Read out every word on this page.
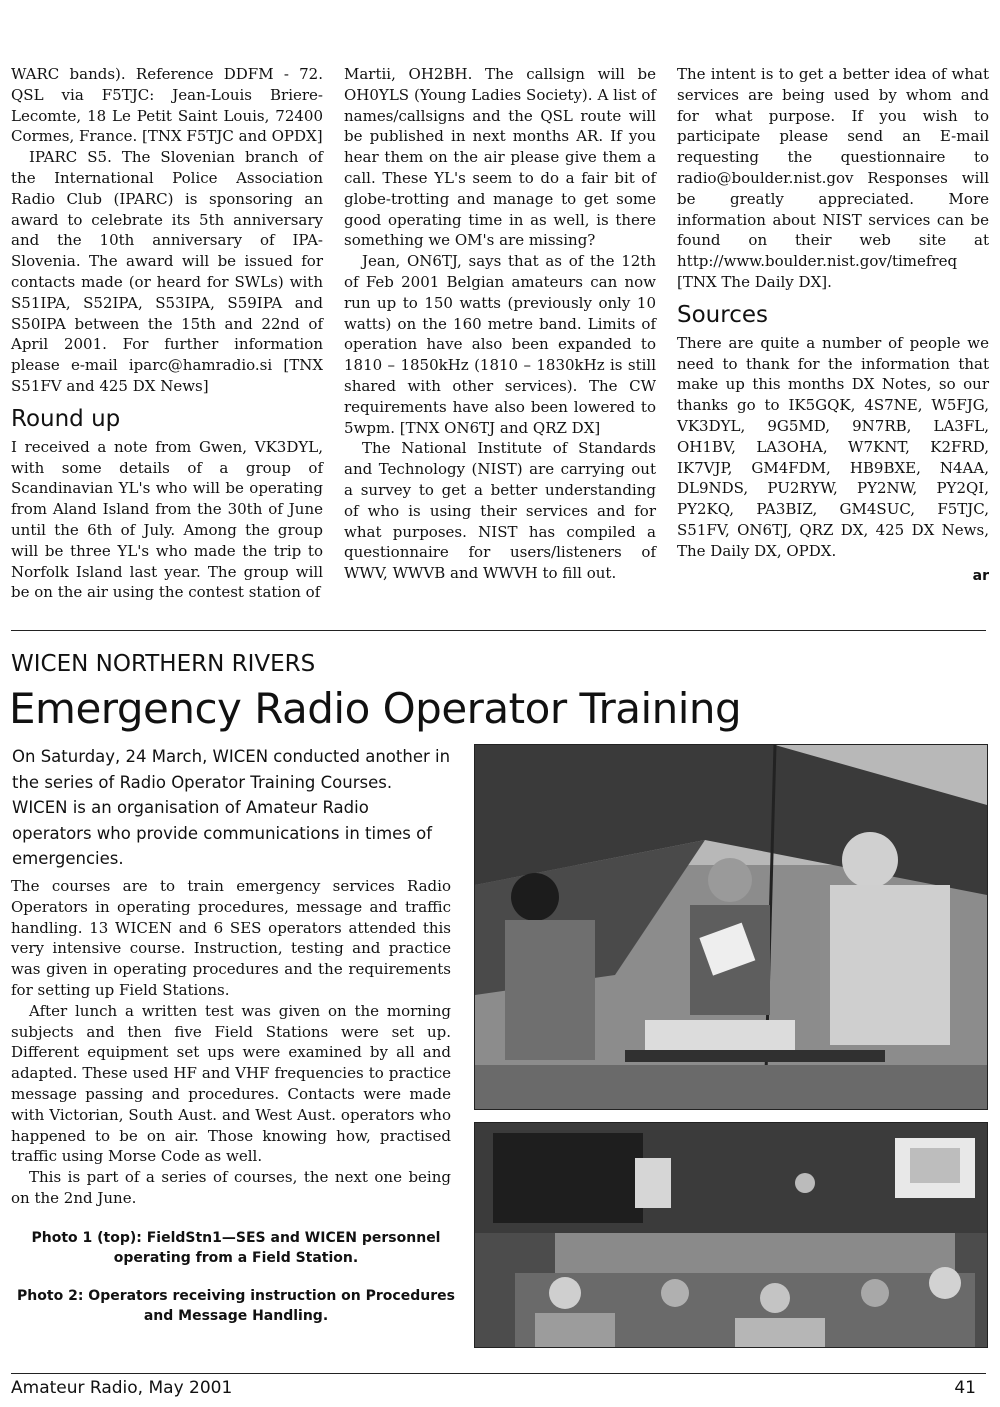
WARC bands). Reference DDFM - 72. QSL via F5TJC: Jean-Louis Briere-Lecomte, 18 Le Petit Saint Louis, 72400 Cormes, France. [TNX F5TJC and OPDX]

IPARC S5. The Slovenian branch of the International Police Association Radio Club (IPARC) is sponsoring an award to celebrate its 5th anniversary and the 10th anniversary of IPA-Slovenia. The award will be issued for contacts made (or heard for SWLs) with S51IPA, S52IPA, S53IPA, S59IPA and S50IPA between the 15th and 22nd of April 2001. For further information please e-mail iparc@hamradio.si [TNX S51FV and 425 DX News]

Round up

I received a note from Gwen, VK3DYL, with some details of a group of Scandinavian YL's who will be operating from Aland Island from the 30th of June until the 6th of July. Among the group will be three YL's who made the trip to Norfolk Island last year. The group will be on the air using the contest station of

Martii, OH2BH. The callsign will be OH0YLS (Young Ladies Society). A list of names/callsigns and the QSL route will be published in next months AR. If you hear them on the air please give them a call. These YL's seem to do a fair bit of globe-trotting and manage to get some good operating time in as well, is there something we OM's are missing?

Jean, ON6TJ, says that as of the 12th of Feb 2001 Belgian amateurs can now run up to 150 watts (previously only 10 watts) on the 160 metre band. Limits of operation have also been expanded to 1810 – 1850kHz (1810 – 1830kHz is still shared with other services). The CW requirements have also been lowered to 5wpm. [TNX ON6TJ and QRZ DX]

The National Institute of Standards and Technology (NIST) are carrying out a survey to get a better understanding of who is using their services and for what purposes. NIST has compiled a questionnaire for users/listeners of WWV, WWVB and WWVH to fill out.

The intent is to get a better idea of what services are being used by whom and for what purpose. If you wish to participate please send an E-mail requesting the questionnaire to radio@boulder.nist.gov Responses will be greatly appreciated. More information about NIST services can be found on their web site at http://www.boulder.nist.gov/timefreq [TNX The Daily DX].

Sources

There are quite a number of people we need to thank for the information that make up this months DX Notes, so our thanks go to IK5GQK, 4S7NE, W5FJG, VK3DYL, 9G5MD, 9N7RB, LA3FL, OH1BV, LA3OHA, W7KNT, K2FRD, IK7VJP, GM4FDM, HB9BXE, N4AA, DL9NDS, PU2RYW, PY2NW, PY2QI, PY2KQ, PA3BIZ, GM4SUC, F5TJC, S51FV, ON6TJ, QRZ DX, 425 DX News, The Daily DX, OPDX.

ar
WICEN NORTHERN RIVERS
Emergency Radio Operator Training

On Saturday, 24 March, WICEN conducted another in the series of Radio Operator Training Courses. WICEN is an organisation of Amateur Radio operators who provide communications in times of emergencies.

The courses are to train emergency services Radio Operators in operating procedures, message and traffic handling. 13 WICEN and 6 SES operators attended this very intensive course. Instruction, testing and practice was given in operating procedures and the requirements for setting up Field Stations.

After lunch a written test was given on the morning subjects and then five Field Stations were set up. Different equipment set ups were examined by all and adapted. These used HF and VHF frequencies to practice message passing and procedures. Contacts were made with Victorian, South Aust. and West Aust. operators who happened to be on air. Those knowing how, practised traffic using Morse Code as well.

This is part of a series of courses, the next one being on the 2nd June.

Photo 1 (top): FieldStn1—SES and WICEN personnel operating from a Field Station.

Photo 2: Operators receiving instruction on Procedures and Message Handling.

Amateur Radio, May 2001	41
